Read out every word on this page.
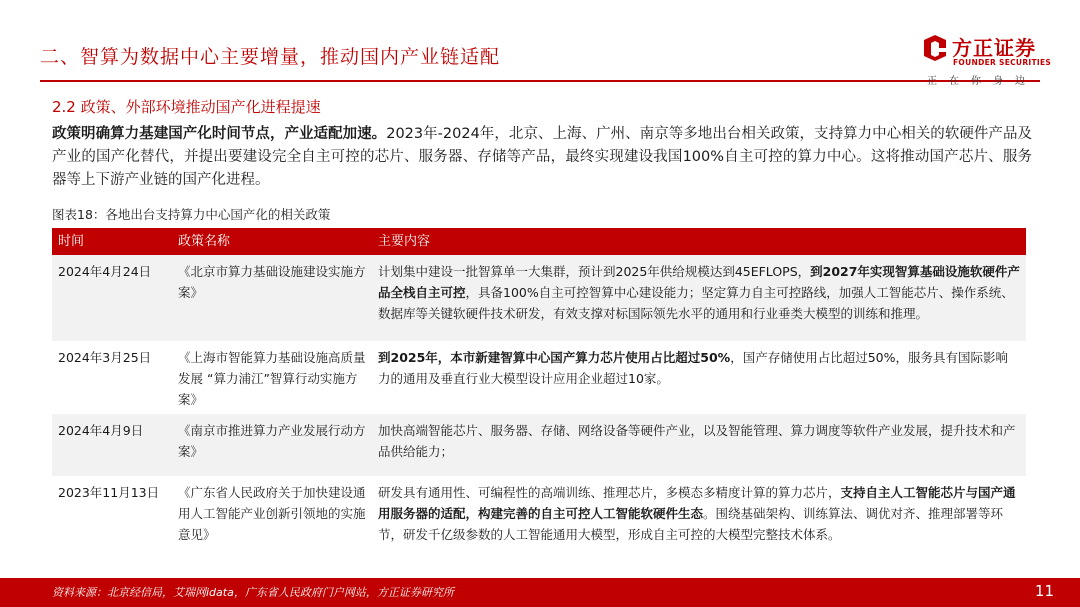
二、智算为数据中心主要增量，推动国内产业链适配	方正证券
FOUNDER SECURITIES
正在你身边
2.2 政策、外部环境推动国产化进程提速
政策明确算力基建国产化时间节点，产业适配加速。2023年-2024年，北京、上海、广州、南京等多地出台相关政策，支持算力中心相关的软硬件产品及产业的国产化替代，并提出要建设完全自主可控的芯片、服务器、存储等产品，最终实现建设我国100%自主可控的算力中心。这将推动国产芯片、服务器等上下游产业链的国产化进程。
图表18：各地出台支持算力中心国产化的相关政策
时间	政策名称	主要内容
2024年4月24日	《北京市算力基础设施建设实施方案》	计划集中建设一批智算单一大集群，预计到2025年供给规模达到45EFLOPS，到2027年实现智算基础设施软硬件产品全栈自主可控，具备100%自主可控智算中心建设能力；坚定算力自主可控路线，加强人工智能芯片、操作系统、数据库等关键软硬件技术研发，有效支撑对标国际领先水平的通用和行业垂类大模型的训练和推理。
2024年3月25日	《上海市智能算力基础设施高质量发展 “算力浦江”智算行动实施方案》	到2025年，本市新建智算中心国产算力芯片使用占比超过50%，国产存储使用占比超过50%，服务具有国际影响力的通用及垂直行业大模型设计应用企业超过10家。
2024年4月9日	《南京市推进算力产业发展行动方案》	加快高端智能芯片、服务器、存储、网络设备等硬件产业，以及智能管理、算力调度等软件产业发展，提升技术和产品供给能力；
2023年11月13日	《广东省人民政府关于加快建设通用人工智能产业创新引领地的实施意见》	研发具有通用性、可编程性的高端训练、推理芯片，多模态多精度计算的算力芯片，支持自主人工智能芯片与国产通用服务器的适配，构建完善的自主可控人工智能软硬件生态。围绕基础架构、训练算法、调优对齐、推理部署等环节，研发千亿级参数的人工智能通用大模型，形成自主可控的大模型完整技术体系。
资料来源：北京经信局，艾瑞网idata，广东省人民政府门户网站，方正证券研究所	11
